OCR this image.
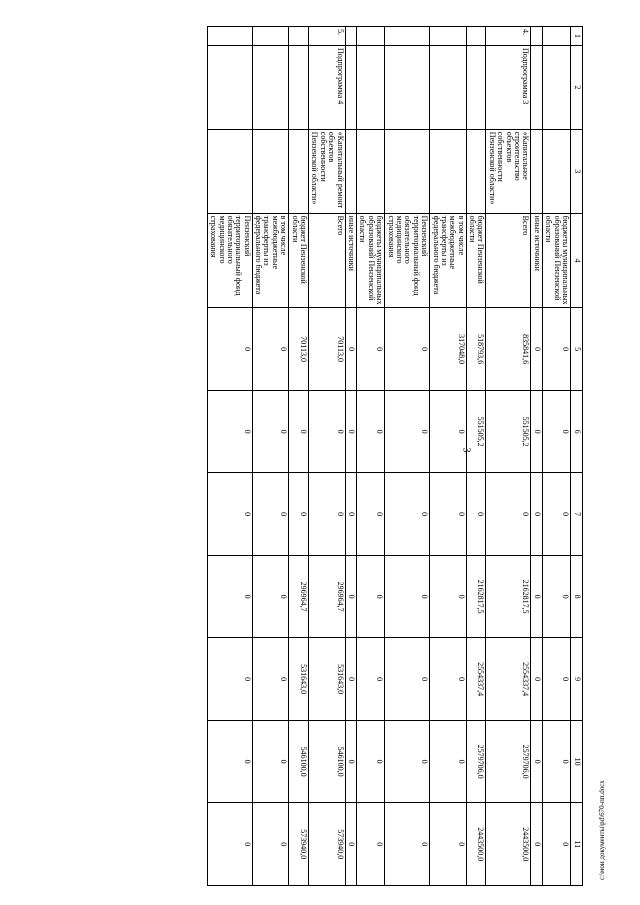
3
1	2	3	4	5	6	7	8	9	10	11
			бюджеты муниципальных образований Пензенской области	0	0	0	0	0	0	0
			иные источники	0	0	0	0	0	0	0
4.	Подпрограмма 3	«Капитальное строительство объектов собственности Пензенской области»	Всего	835841,6	551505,2	0	2162817,5	2554337,4	2579706,0	2443500,0
			бюджет Пензенской области	518793,6	551505,2	0	2162817,5	2554337,4	2579706,0	2443500,0
			в том числе межбюджетные трансферты из федерального бюджета	317048,0	0	0	0	0	0	0
			Пензенский территориальный фонд обязательного медицинского страхования	0	0	0	0	0	0	0
			бюджеты муниципальных образований Пензенской области	0	0	0	0	0	0	0
			иные источники	0	0	0	0	0	0	0
5.	Подпрограмма 4	«Капитальный ремонт объектов собственности Пензенской области»	Всего	70113,0	0	0	296964,7	531643,0	546100,0	573940,0
			бюджет Пензенской области	70113,0	0	0	296964,7	531643,0	546100,0	573940,0
			в том числе межбюджетные трансферты из федерального бюджета	0	0	0	0	0	0	0
			Пензенский территориальный фонд обязательного медицинского страхования	0	0	0	0	0	0	0	c:\мои документы\pd\670-пп.docx
